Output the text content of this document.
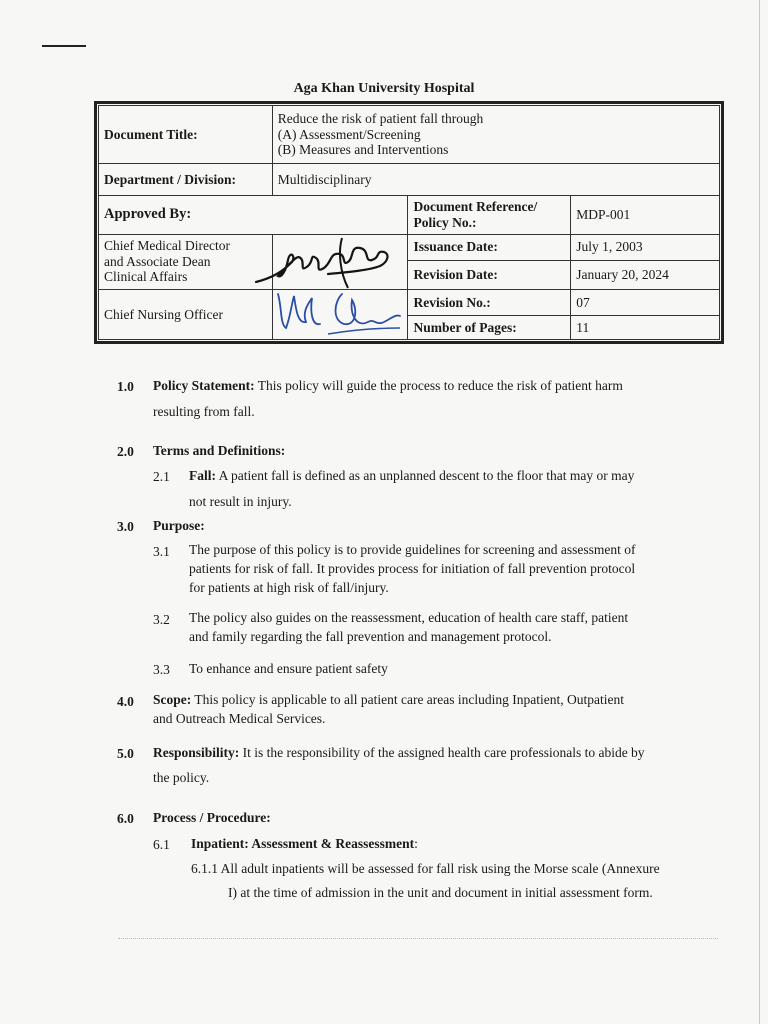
Aga Khan University Hospital
Document Title:	Reduce the risk of patient fall through
(A) Assessment/Screening
(B) Measures and Interventions		

Department / Division:	Multidisciplinary		
Approved By:		Document Reference/
Policy No.:	MDP-001

Chief Medical Director
and Associate Dean
Clinical Affairs		Issuance Date:	July 1, 2003
		Revision Date:	January 20, 2024
Chief Nursing Officer		Revision No.:	07
		Number of Pages:	11
1.0 Policy Statement: This policy will guide the process to reduce the risk of patient harm
resulting from fall.
2.0 Terms and Definitions:
2.1 Fall: A patient fall is defined as an unplanned descent to the floor that may or may
not result in injury.
3.0 Purpose:
3.1 The purpose of this policy is to provide guidelines for screening and assessment of
patients for risk of fall. It provides process for initiation of fall prevention protocol
for patients at high risk of fall/injury.
3.2 The policy also guides on the reassessment, education of health care staff, patient
and family regarding the fall prevention and management protocol.
3.3 To enhance and ensure patient safety
4.0 Scope: This policy is applicable to all patient care areas including Inpatient, Outpatient
and Outreach Medical Services.
5.0 Responsibility: It is the responsibility of the assigned health care professionals to abide by
the policy.
6.0 Process / Procedure:
6.1 Inpatient: Assessment & Reassessment:
6.1.1 All adult inpatients will be assessed for fall risk using the Morse scale (Annexure
I) at the time of admission in the unit and document in initial assessment form.
